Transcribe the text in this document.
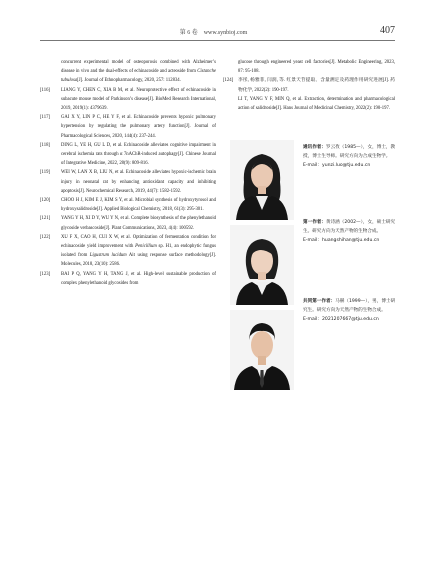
第 6 卷 www.synbioj.com	407

concurrent experimental model of osteoporosis combined with Alzheimer’s disease in vivo and the dual-effects of echinacoside and acteoside from Cistanche tubulosa[J]. Journal of Ethnopharmacology, 2020, 257: 112834.

[116]	LIANG Y, CHEN C, XIA B M, et al. Neuroprotective effect of echinacoside in subacute mouse model of Parkinson’s disease[J]. BioMed Research International, 2019, 2019(1): 4379639.

[117]	GAI X Y, LIN P C, HE Y F, et al. Echinacoside prevents hypoxic pulmonary hypertension by regulating the pulmonary artery function[J]. Journal of Pharmacological Sciences, 2020, 144(4): 237-244.

[118]	DING L, YE H, GU L D, et al. Echinacoside alleviates cognitive impairment in cerebral ischemia rats through α 7nAChR-induced autophagy[J]. Chinese Journal of Integrative Medicine, 2022, 28(9): 809-816.

[119]	WEI W, LAN X B, LIU N, et al. Echinacoside alleviates hypoxic-ischemic brain injury in neonatal rat by enhancing antioxidant capacity and inhibiting apoptosis[J]. Neurochemical Research, 2019, 44(7): 1582-1592.

[120]	CHOO H J, KIM E J, KIM S Y, et al. Microbial synthesis of hydroxytyrosol and hydroxysalidroside[J]. Applied Biological Chemistry, 2018, 61(3): 295-301.

[121]	YANG Y H, XI D Y, WU Y N, et al. Complete biosynthesis of the phenylethanoid glycoside verbascoside[J]. Plant Communications, 2023, 4(4): 100592.

[122]	XU F X, CAO H, CUI X W, et al. Optimization of fermentation condition for echinacoside yield improvement with Penicillium sp. H1, an endophytic fungus isolated from Ligustrum lucidum Ait using response surface methodology[J]. Molecules, 2018, 23(10): 2586.

[123]	BAI P Q, YANG Y H, TANG J, et al. High-level sustainable production of complex phenylethanoid glycosides from

glucose through engineered yeast cell factories[J]. Metabolic Engineering, 2023, 87: 95-108.

[124]	李彤, 杨雅菲, 闫润, 等. 红景天苷提取、含量测定及药理作用研究进展[J]. 药物化学, 2022(2): 190-197.

LI T, YANG Y F, MIN Q, et al. Extraction, determination and pharmacological action of salidroside[J]. Hans Journal of Medicinal Chemistry, 2022(2): 190-197.

通讯作者：罗云孜（1985—），女，博士，教授，博士生导师。研究方向为合成生物学。
E-mail：yunzi.luo@tju.edu.cn
第一作者：黄诗涵（2002—），女，硕士研究生。研究方向为天然产物的生物合成。
E-mail：huangshihan@tju.edu.cn
共同第一作者：马赫（1999—），男，博士研究生。研究方向为天然产物的生物合成。
E-mail：2021207667@tju.edu.cn
